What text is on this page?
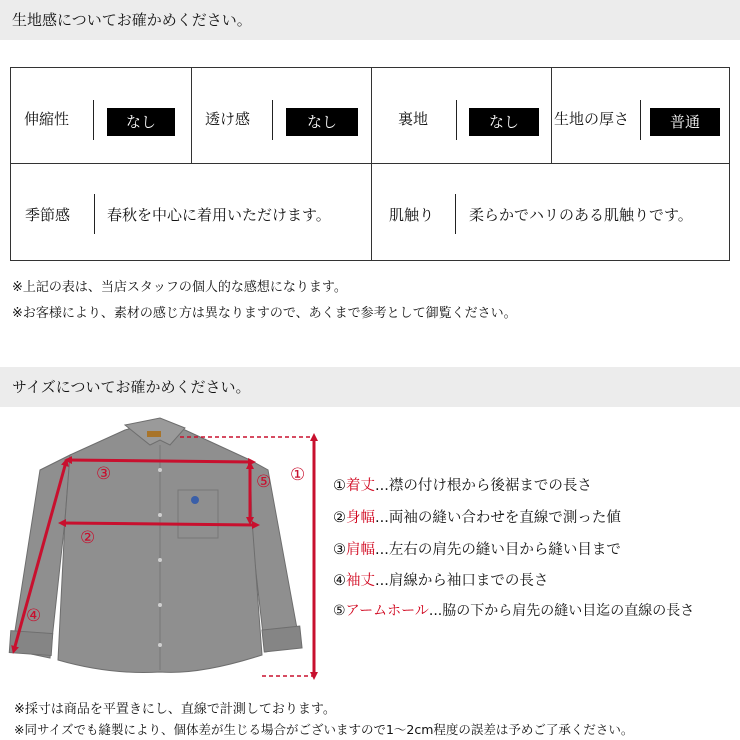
生地感についてお確かめください。
伸縮性	なし	透け感	なし	裏地	なし	生地の厚さ	普通
季節感 春秋を中心に着用いただけます。	肌触り 柔らかでハリのある肌触りです。
※上記の表は、当店スタッフの個人的な感想になります。
※お客様により、素材の感じ方は異なりますので、あくまで参考として御覧ください。
サイズについてお確かめください。
③	⑤ ①
②
④
①着丈...襟の付け根から後裾までの長さ
②身幅...両袖の縫い合わせを直線で測った値
③肩幅...左右の肩先の縫い目から縫い目まで
④袖丈...肩線から袖口までの長さ
⑤アームホール...脇の下から肩先の縫い目迄の直線の長さ
※採寸は商品を平置きにし、直線で計測しております。
※同サイズでも縫製により、個体差が生じる場合がございますので1～2cm程度の誤差は予めご了承ください。
